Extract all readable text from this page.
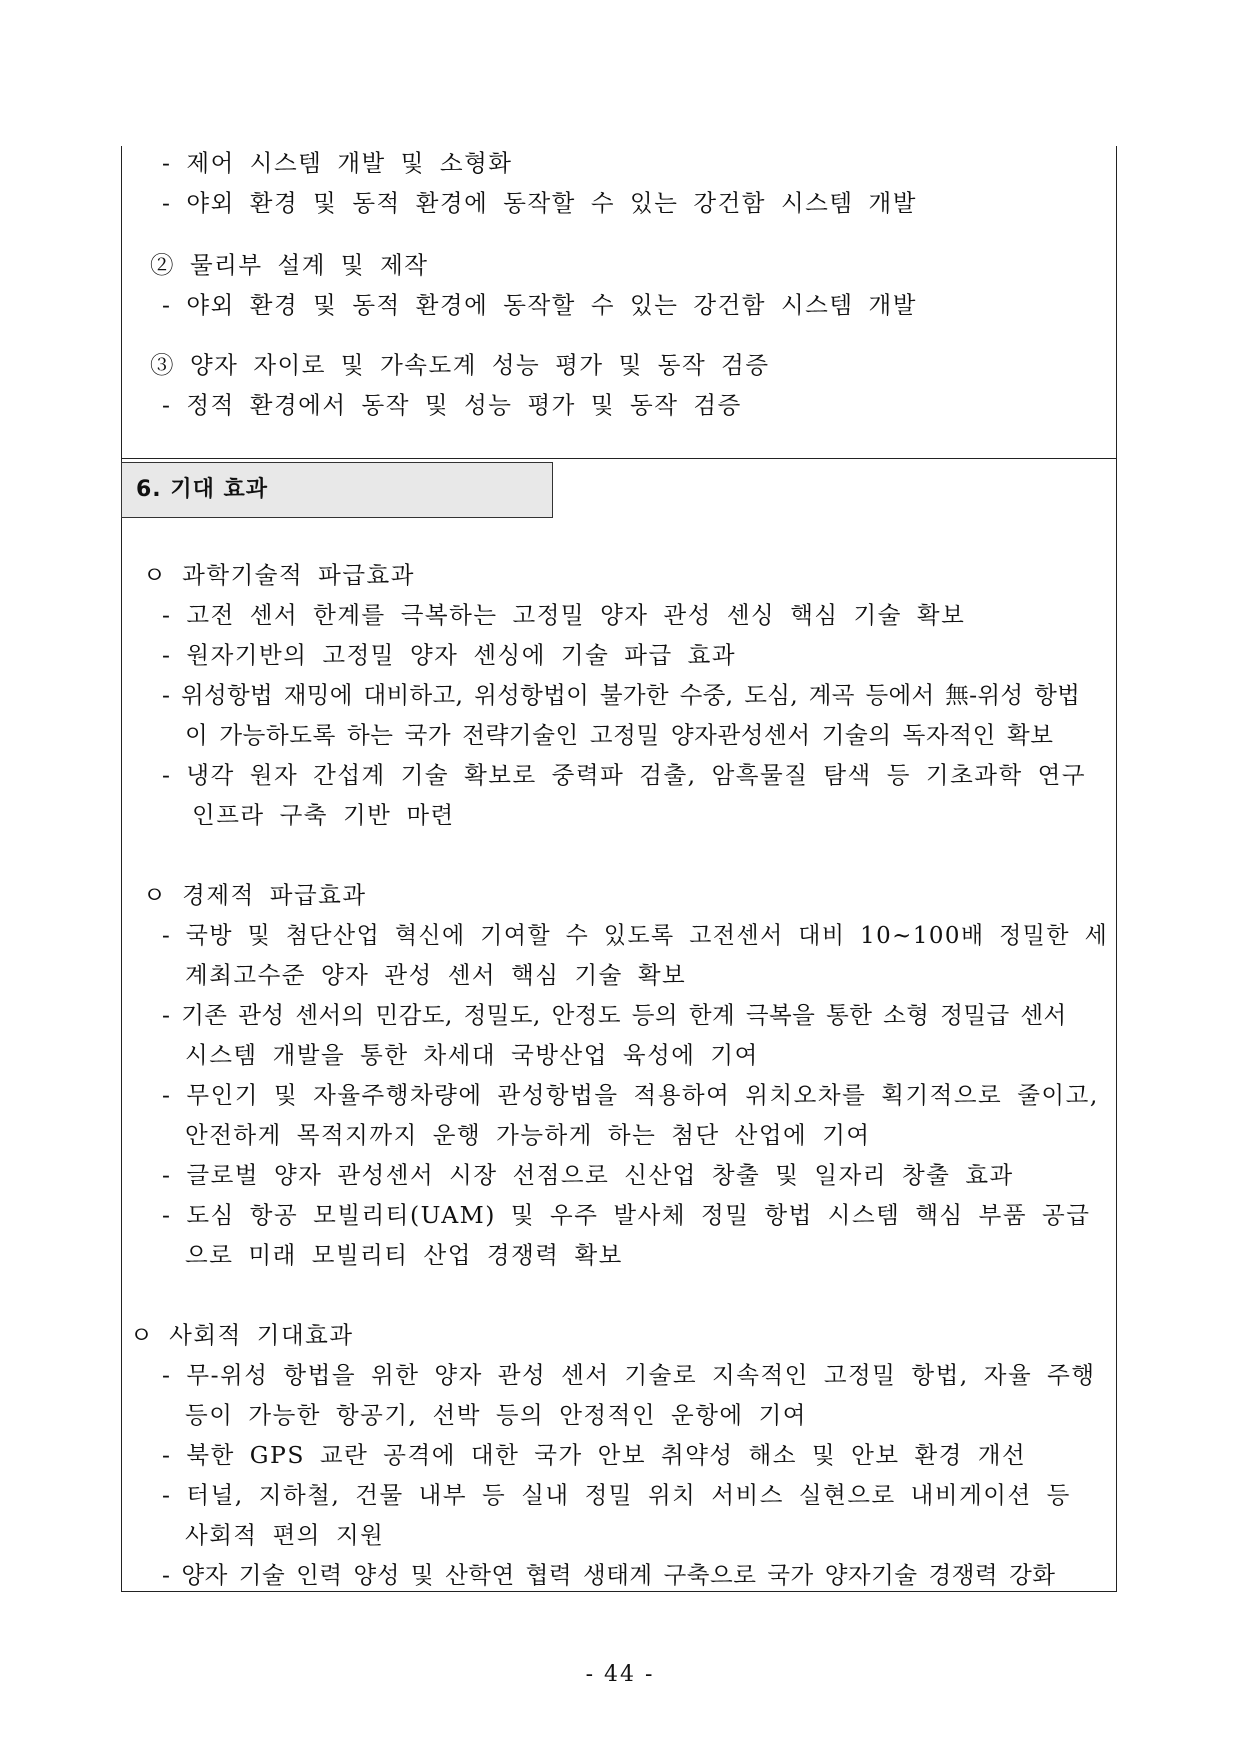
- 제어 시스템 개발 및 소형화
- 야외 환경 및 동적 환경에 동작할 수 있는 강건함 시스템 개발
② 물리부 설계 및 제작
- 야외 환경 및 동적 환경에 동작할 수 있는 강건함 시스템 개발
③ 양자 자이로 및 가속도계 성능 평가 및 동작 검증
- 정적 환경에서 동작 및 성능 평가 및 동작 검증
6. 기대 효과
ㅇ 과학기술적 파급효과
- 고전 센서 한계를 극복하는 고정밀 양자 관성 센싱 핵심 기술 확보
- 원자기반의 고정밀 양자 센싱에 기술 파급 효과
- 위성항법 재밍에 대비하고, 위성항법이 불가한 수중, 도심, 계곡 등에서 無-위성 항법
이 가능하도록 하는 국가 전략기술인 고정밀 양자관성센서 기술의 독자적인 확보
- 냉각 원자 간섭계 기술 확보로 중력파 검출, 암흑물질 탐색 등 기초과학 연구
인프라 구축 기반 마련
ㅇ 경제적 파급효과
- 국방 및 첨단산업 혁신에 기여할 수 있도록 고전센서 대비 10~100배 정밀한 세
계최고수준 양자 관성 센서 핵심 기술 확보
- 기존 관성 센서의 민감도, 정밀도, 안정도 등의 한계 극복을 통한 소형 정밀급 센서
시스템 개발을 통한 차세대 국방산업 육성에 기여
- 무인기 및 자율주행차량에 관성항법을 적용하여 위치오차를 획기적으로 줄이고,
안전하게 목적지까지 운행 가능하게 하는 첨단 산업에 기여
- 글로벌 양자 관성센서 시장 선점으로 신산업 창출 및 일자리 창출 효과
- 도심 항공 모빌리티(UAM) 및 우주 발사체 정밀 항법 시스템 핵심 부품 공급
으로 미래 모빌리티 산업 경쟁력 확보
ㅇ 사회적 기대효과
- 무-위성 항법을 위한 양자 관성 센서 기술로 지속적인 고정밀 항법, 자율 주행
등이 가능한 항공기, 선박 등의 안정적인 운항에 기여
- 북한 GPS 교란 공격에 대한 국가 안보 취약성 해소 및 안보 환경 개선
- 터널, 지하철, 건물 내부 등 실내 정밀 위치 서비스 실현으로 내비게이션 등
사회적 편의 지원
- 양자 기술 인력 양성 및 산학연 협력 생태계 구축으로 국가 양자기술 경쟁력 강화
- 44 -
